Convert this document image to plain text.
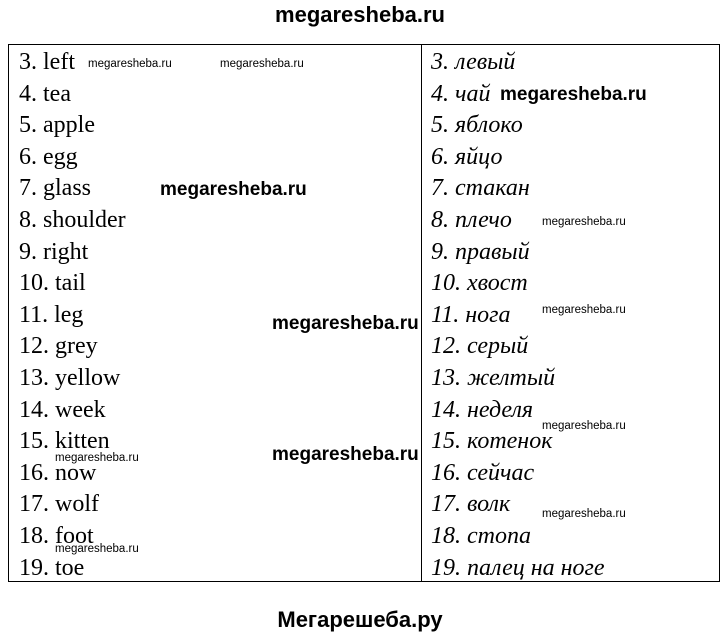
megaresheba.ru
3. left
4. tea
5. apple
6. egg
7. glass
8. shoulder
9. right
10. tail
11. leg
12. grey
13. yellow
14. week
15. kitten
16. now
17. wolf
18. foot
19. toe
3. левый
4. чай
5. яблоко
6. яйцо
7. стакан
8. плечо
9. правый
10. хвост
11. нога
12. серый
13. желтый
14. неделя
15. котенок
16. сейчас
17. волк
18. стопа
19. палец на ноге
megaresheba.ru	megaresheba.ru
megaresheba.ru
megaresheba.ru
megaresheba.ru
megaresheba.ru
megaresheba.ru
megaresheba.ru
megaresheba.ru
megaresheba.ru
megaresheba.ru
megaresheba.ru
Мегарешеба.ру
